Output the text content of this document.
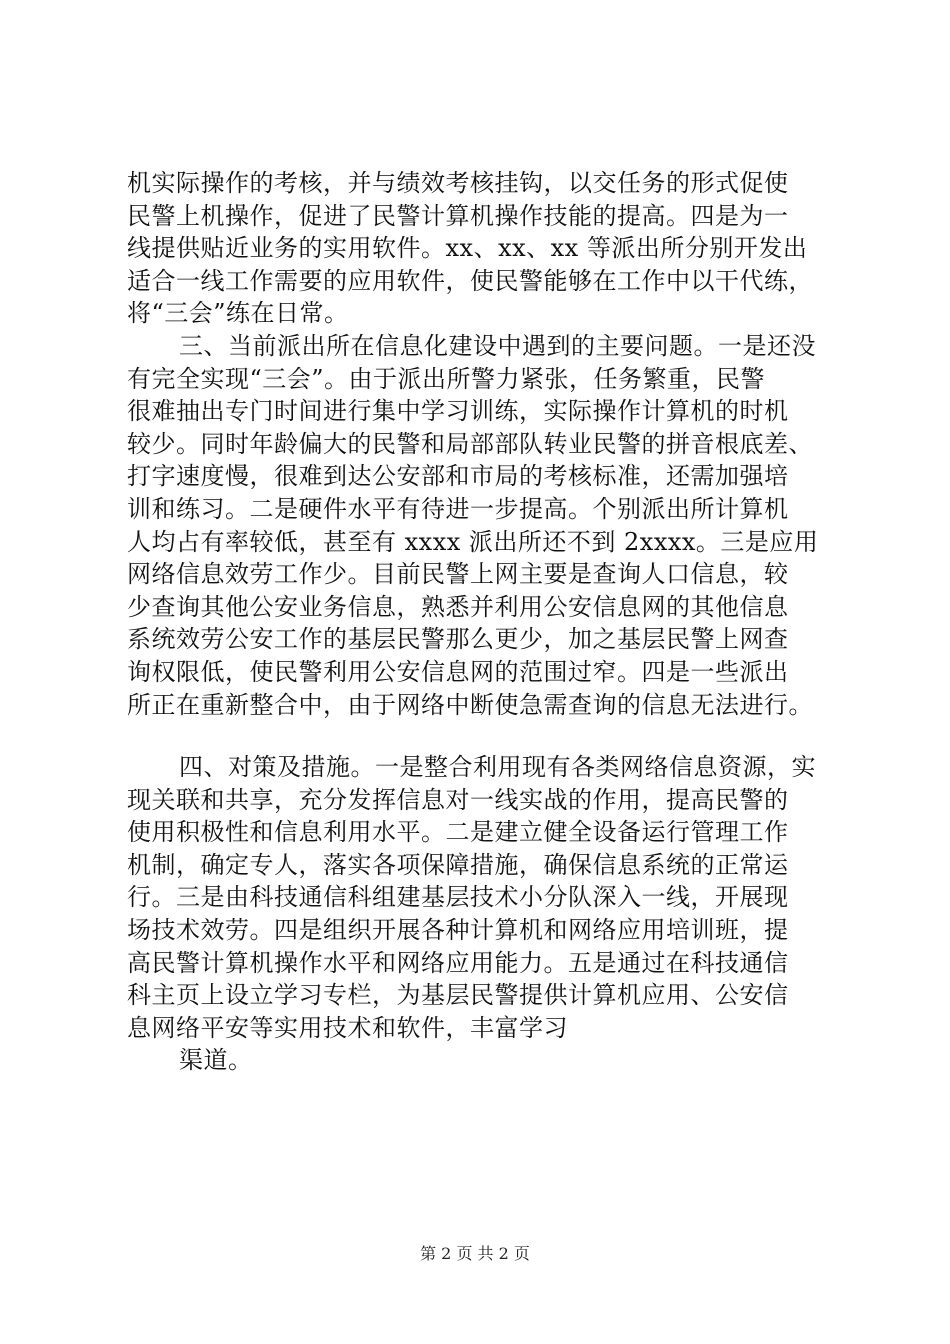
机实际操作的考核，并与绩效考核挂钩，以交任务的形式促使
民警上机操作，促进了民警计算机操作技能的提高。四是为一
线提供贴近业务的实用软件。xx、xx、xx 等派出所分别开发出
适合一线工作需要的应用软件，使民警能够在工作中以干代练，
将“三会”练在日常。
三、当前派出所在信息化建设中遇到的主要问题。一是还没
有完全实现“三会”。由于派出所警力紧张，任务繁重，民警
很难抽出专门时间进行集中学习训练，实际操作计算机的时机
较少。同时年龄偏大的民警和局部部队转业民警的拼音根底差、
打字速度慢，很难到达公安部和市局的考核标准，还需加强培
训和练习。二是硬件水平有待进一步提高。个别派出所计算机
人均占有率较低，甚至有 xxxx 派出所还不到 2xxxx。三是应用
网络信息效劳工作少。目前民警上网主要是查询人口信息，较
少查询其他公安业务信息，熟悉并利用公安信息网的其他信息
系统效劳公安工作的基层民警那么更少，加之基层民警上网查
询权限低，使民警利用公安信息网的范围过窄。四是一些派出
所正在重新整合中，由于网络中断使急需查询的信息无法进行。
四、对策及措施。一是整合利用现有各类网络信息资源，实
现关联和共享，充分发挥信息对一线实战的作用，提高民警的
使用积极性和信息利用水平。二是建立健全设备运行管理工作
机制，确定专人，落实各项保障措施，确保信息系统的正常运
行。三是由科技通信科组建基层技术小分队深入一线，开展现
场技术效劳。四是组织开展各种计算机和网络应用培训班，提
高民警计算机操作水平和网络应用能力。五是通过在科技通信
科主页上设立学习专栏，为基层民警提供计算机应用、公安信
息网络平安等实用技术和软件，丰富学习
渠道。
第 2 页 共 2 页
